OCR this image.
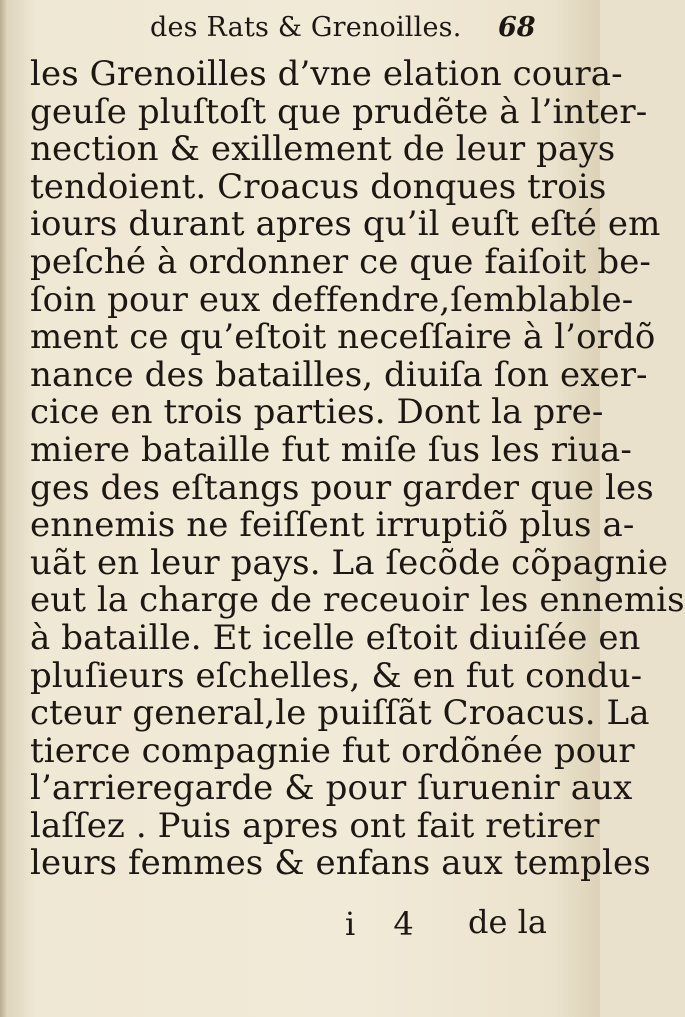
des Rats & Grenoilles. 68
les Grenoilles d’vne elation coura-
geuſe pluſtoſt que prudẽte à l’inter-
nection & exillement de leur pays
tendoient. Croacus donques trois
iours durant apres qu’il euſt eſté em
peſché à ordonner ce que faiſoit be-
ſoin pour eux deffendre,ſemblable-
ment ce qu’eſtoit neceſſaire à l’ordõ
nance des batailles, diuiſa ſon exer-
cice en trois parties. Dont la pre-
miere bataille fut miſe ſus les riua-
ges des eſtangs pour garder que les
ennemis ne feiſſent irruptiõ plus a-
uãt en leur pays. La ſecõde cõpagnie
eut la charge de receuoir les ennemis
à bataille. Et icelle eſtoit diuiſée en
pluſieurs eſchelles, & en fut condu-
cteur general,le puiſſãt Croacus. La
tierce compagnie fut ordõnée pour
l’arrieregarde & pour ſuruenir aux
laſſez . Puis apres ont fait retirer
leurs femmes & enfans aux temples
i 4 de la
